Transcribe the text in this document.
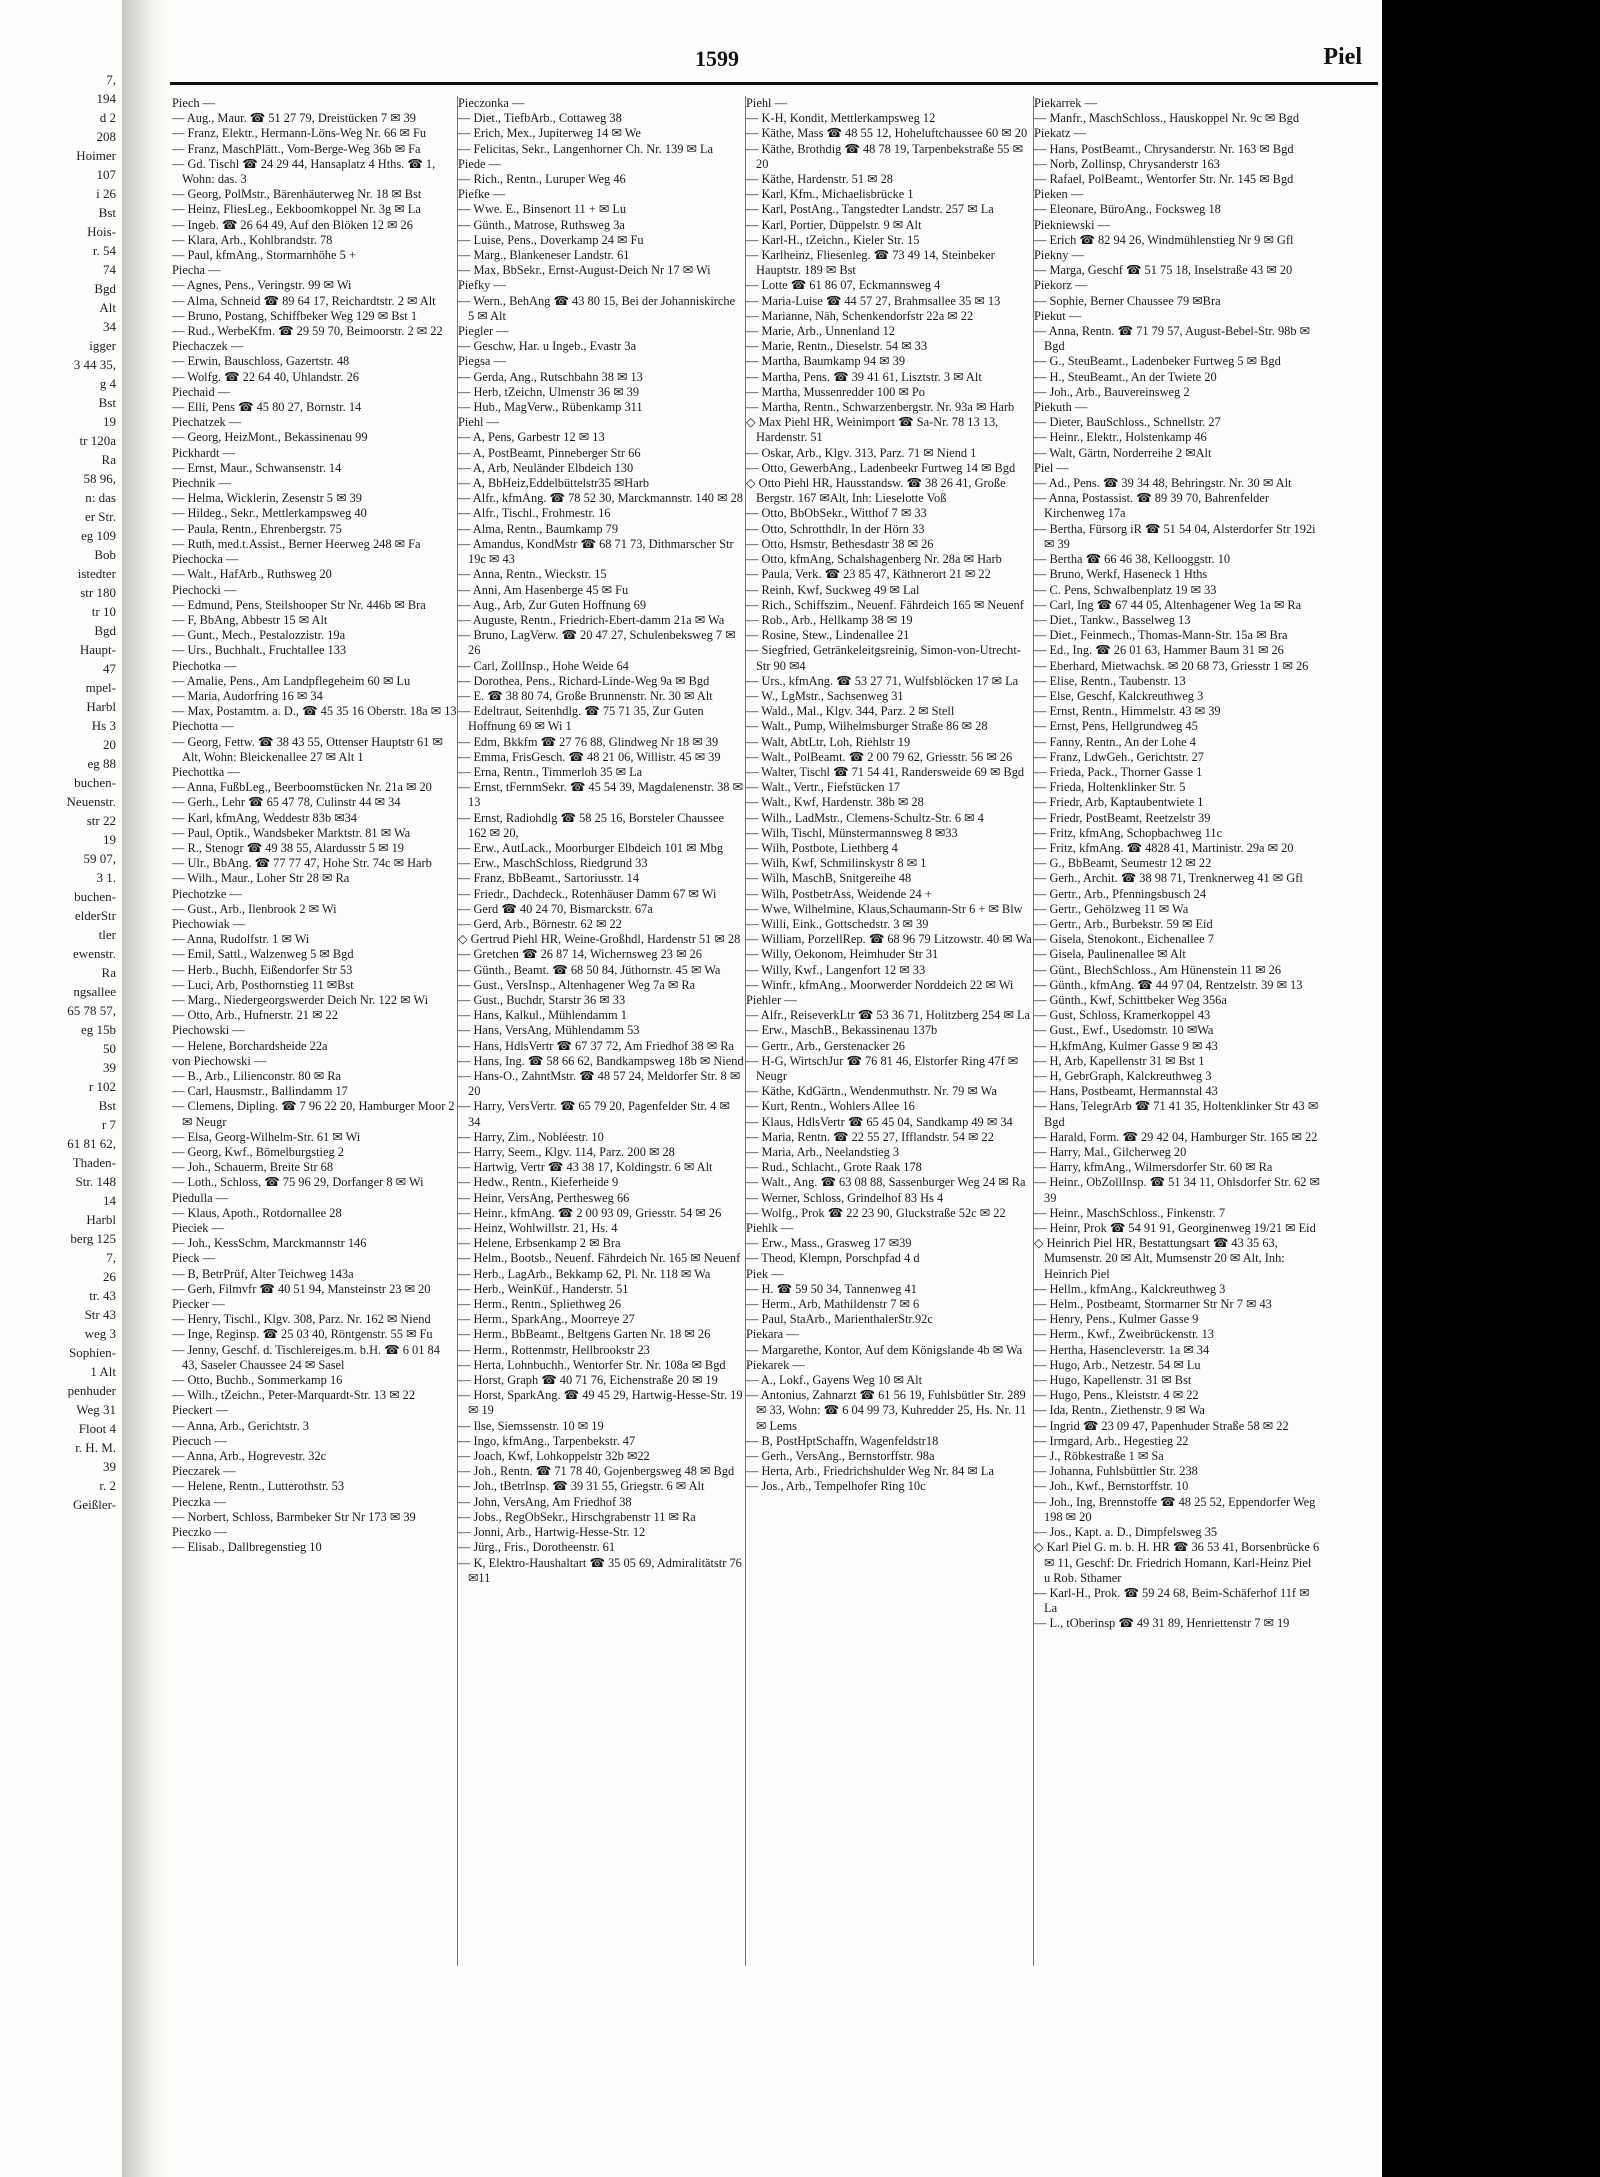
7,
194
d 2
208
Hoimer
107
i 26
Bst
Hois-
r. 54
74
Bgd
Alt
34
igger
3 44 35,
g 4
Bst
19
tr 120a
Ra
58 96,
n: das
er Str.
eg 109
Bob
istedter
str 180
tr 10
Bgd
Haupt-
47
mpel-
Harbl
Hs 3
20
eg 88
buchen-
Neuenstr.
str 22
19
59 07,
3 1.
buchen-
elderStr
tler
ewenstr.
Ra
ngsallee
65 78 57,
eg 15b
50
39
r 102
Bst
r 7
61 81 62,
Thaden-
Str. 148
14
Harbl
berg 125
7,
26
tr. 43
Str 43
weg 3
Sophien-
1 Alt
penhuder
Weg 31
Floot 4
r. H. M.
39
r. 2
Geißler-
1599	Piel

Piech —

— Aug., Maur. ☎ 51 27 79, Dreistücken 7 ✉ 39

— Franz, Elektr., Hermann-Löns-Weg Nr. 66 ✉ Fu

— Franz, MaschPlätt., Vom-Berge-Weg 36b ✉ Fa

— Gd. Tischl ☎ 24 29 44, Hansaplatz 4 Hths. ☎ 1, Wohn: das. 3

— Georg, PolMstr., Bärenhäuterweg Nr. 18 ✉ Bst

— Heinz, FliesLeg., Eekboomkoppel Nr. 3g ✉ La

— Ingeb. ☎ 26 64 49, Auf den Blöken 12 ✉ 26

— Klara, Arb., Kohlbrandstr. 78

— Paul, kfmAng., Stormarnhöhe 5 +

Piecha —

— Agnes, Pens., Veringstr. 99 ✉ Wi

— Alma, Schneid ☎ 89 64 17, Reichardtstr. 2 ✉ Alt

— Bruno, Postang, Schiffbeker Weg 129 ✉ Bst 1

— Rud., WerbeKfm. ☎ 29 59 70, Beimoorstr. 2 ✉ 22

Piechaczek —

— Erwin, Bauschloss, Gazertstr. 48

— Wolfg. ☎ 22 64 40, Uhlandstr. 26

Piechaid —

— Elli, Pens ☎ 45 80 27, Bornstr. 14

Piechatzek —

— Georg, HeizMont., Bekassinenau 99

Pickhardt —

— Ernst, Maur., Schwansenstr. 14

Piechnik —

— Helma, Wicklerin, Zesenstr 5 ✉ 39

— Hildeg., Sekr., Mettlerkampsweg 40

— Paula, Rentn., Ehrenbergstr. 75

— Ruth, med.t.Assist., Berner Heerweg 248 ✉ Fa

Piechocka —

— Walt., HafArb., Ruthsweg 20

Piechocki —

— Edmund, Pens, Steilshooper Str Nr. 446b ✉ Bra

— F, BbAng, Abbestr 15 ✉ Alt

— Gunt., Mech., Pestalozzistr. 19a

— Urs., Buchhalt., Fruchtallee 133

Piechotka —

— Amalie, Pens., Am Landpflegeheim 60 ✉ Lu

— Maria, Audorfring 16 ✉ 34

— Max, Postamtm. a. D., ☎ 45 35 16 Oberstr. 18a ✉ 13

Piechotta —

— Georg, Fettw. ☎ 38 43 55, Ottenser Hauptstr 61 ✉ Alt, Wohn: Bleickenallee 27 ✉ Alt 1

Piechottka —

— Anna, FußbLeg., Beerboomstücken Nr. 21a ✉ 20

— Gerh., Lehr ☎ 65 47 78, Culinstr 44 ✉ 34

— Karl, kfmAng, Weddestr 83b ✉34

— Paul, Optik., Wandsbeker Marktstr. 81 ✉ Wa

— R., Stenogr ☎ 49 38 55, Alardusstr 5 ✉ 19

— Ulr., BbAng. ☎ 77 77 47, Hohe Str. 74c ✉ Harb

— Wilh., Maur., Loher Str 28 ✉ Ra

Piechotzke —

— Gust., Arb., Ilenbrook 2 ✉ Wi

Piechowiak —

— Anna, Rudolfstr. 1 ✉ Wi

— Emil, Sattl., Walzenweg 5 ✉ Bgd

— Herb., Buchh, Eißendorfer Str 53

— Luci, Arb, Posthornstieg 11 ✉Bst

— Marg., Niedergeorgswerder Deich Nr. 122 ✉ Wi

— Otto, Arb., Hufnerstr. 21 ✉ 22

Piechowski —

— Helene, Borchardsheide 22a

von Piechowski —

— B., Arb., Lilienconstr. 80 ✉ Ra

— Carl, Hausmstr., Ballindamm 17

— Clemens, Dipling. ☎ 7 96 22 20, Hamburger Moor 2 ✉ Neugr

— Elsa, Georg-Wilhelm-Str. 61 ✉ Wi

— Georg, Kwf., Bömelburgstieg 2

— Joh., Schauerm, Breite Str 68

— Loth., Schloss, ☎ 75 96 29, Dorfanger 8 ✉ Wi

Piedulla —

— Klaus, Apoth., Rotdornallee 28

Pieciek —

— Joh., KessSchm, Marckmannstr 146

Pieck —

— B, BetrPrüf, Alter Teichweg 143a

— Gerh, Filmvfr ☎ 40 51 94, Mansteinstr 23 ✉ 20

Piecker —

— Henry, Tischl., Klgv. 308, Parz. Nr. 162 ✉ Niend

— Inge, Reginsp. ☎ 25 03 40, Röntgenstr. 55 ✉ Fu

— Jenny, Geschf. d. Tischlereiges.m. b.H. ☎ 6 01 84 43, Saseler Chaussee 24 ✉ Sasel

— Otto, Buchb., Sommerkamp 16

— Wilh., tZeichn., Peter-Marquardt-Str. 13 ✉ 22

Pieckert —

— Anna, Arb., Gerichtstr. 3

Piecuch —

— Anna, Arb., Hogrevestr. 32c

Pieczarek —

— Helene, Rentn., Lutterothstr. 53

Pieczka —

— Norbert, Schloss, Barmbeker Str Nr 173 ✉ 39

Pieczko —

— Elisab., Dallbregenstieg 10

Pieczonka —

— Diet., TiefbArb., Cottaweg 38

— Erich, Mex., Jupiterweg 14 ✉ We

— Felicitas, Sekr., Langenhorner Ch. Nr. 139 ✉ La

Piede —

— Rich., Rentn., Luruper Weg 46

Piefke —

— Wwe. E., Binsenort 11 + ✉ Lu

— Günth., Matrose, Ruthsweg 3a

— Luise, Pens., Doverkamp 24 ✉ Fu

— Marg., Blankeneser Landstr. 61

— Max, BbSekr., Ernst-August-Deich Nr 17 ✉ Wi

Piefky —

— Wern., BehAng ☎ 43 80 15, Bei der Johanniskirche 5 ✉ Alt

Piegler —

— Geschw, Har. u Ingeb., Evastr 3a

Piegsa —

— Gerda, Ang., Rutschbahn 38 ✉ 13

— Herb, tZeichn, Ulmenstr 36 ✉ 39

— Hub., MagVerw., Rübenkamp 311

Piehl —

— A, Pens, Garbestr 12 ✉ 13

— A, PostBeamt, Pinneberger Str 66

— A, Arb, Neuländer Elbdeich 130

— A, BbHeiz,Eddelbüttelstr35 ✉Harb

— Alfr., kfmAng. ☎ 78 52 30, Marckmannstr. 140 ✉ 28

— Alfr., Tischl., Frohmestr. 16

— Alma, Rentn., Baumkamp 79

— Amandus, KondMstr ☎ 68 71 73, Dithmarscher Str 19c ✉ 43

— Anna, Rentn., Wieckstr. 15

— Anni, Am Hasenberge 45 ✉ Fu

— Aug., Arb, Zur Guten Hoffnung 69

— Auguste, Rentn., Friedrich-Ebert-damm 21a ✉ Wa

— Bruno, LagVerw. ☎ 20 47 27, Schulenbeksweg 7 ✉ 26

— Carl, ZollInsp., Hohe Weide 64

— Dorothea, Pens., Richard-Linde-Weg 9a ✉ Bgd

— E. ☎ 38 80 74, Große Brunnenstr. Nr. 30 ✉ Alt

— Edeltraut, Seitenhdlg. ☎ 75 71 35, Zur Guten Hoffnung 69 ✉ Wi 1

— Edm, Bkkfm ☎ 27 76 88, Glindweg Nr 18 ✉ 39

— Emma, FrisGesch. ☎ 48 21 06, Willistr. 45 ✉ 39

— Erna, Rentn., Timmerloh 35 ✉ La

— Ernst, tFernmSekr. ☎ 45 54 39, Magdalenenstr. 38 ✉ 13

— Ernst, Radiohdlg ☎ 58 25 16, Borsteler Chaussee 162 ✉ 20,

— Erw., AutLack., Moorburger Elbdeich 101 ✉ Mbg

— Erw., MaschSchloss, Riedgrund 33

— Franz, BbBeamt., Sartoriusstr. 14

— Friedr., Dachdeck., Rotenhäuser Damm 67 ✉ Wi

— Gerd ☎ 40 24 70, Bismarckstr. 67a

— Gerd, Arb., Börnestr. 62 ✉ 22

◇ Gertrud Piehl HR, Weine-Großhdl, Hardenstr 51 ✉ 28

— Gretchen ☎ 26 87 14, Wichernsweg 23 ✉ 26

— Günth., Beamt. ☎ 68 50 84, Jüthornstr. 45 ✉ Wa

— Gust., VersInsp., Altenhagener Weg 7a ✉ Ra

— Gust., Buchdr, Starstr 36 ✉ 33

— Hans, Kalkul., Mühlendamm 1

— Hans, VersAng, Mühlendamm 53

— Hans, HdlsVertr ☎ 67 37 72, Am Friedhof 38 ✉ Ra

— Hans, Ing. ☎ 58 66 62, Bandkampsweg 18b ✉ Niend

— Hans-O., ZahntMstr. ☎ 48 57 24, Meldorfer Str. 8 ✉ 20

— Harry, VersVertr. ☎ 65 79 20, Pagenfelder Str. 4 ✉ 34

— Harry, Zim., Nobléestr. 10

— Harry, Seem., Klgv. 114, Parz. 200 ✉ 28

— Hartwig, Vertr ☎ 43 38 17, Koldingstr. 6 ✉ Alt

— Hedw., Rentn., Kieferheide 9

— Heinr, VersAng, Perthesweg 66

— Heinr., kfmAng. ☎ 2 00 93 09, Griesstr. 54 ✉ 26

— Heinz, Wohlwillstr. 21, Hs. 4

— Helene, Erbsenkamp 2 ✉ Bra

— Helm., Bootsb., Neuenf. Fährdeich Nr. 165 ✉ Neuenf

— Herb., LagArb., Bekkamp 62, Pl. Nr. 118 ✉ Wa

— Herb., WeinKüf., Handerstr. 51

— Herm., Rentn., Spliethweg 26

— Herm., SparkAng., Moorreye 27

— Herm., BbBeamt., Beltgens Garten Nr. 18 ✉ 26

— Herm., Rottenmstr, Hellbrookstr 23

— Herta, Lohnbuchh., Wentorfer Str. Nr. 108a ✉ Bgd

— Horst, Graph ☎ 40 71 76, Eichenstraße 20 ✉ 19

— Horst, SparkAng. ☎ 49 45 29, Hartwig-Hesse-Str. 19 ✉ 19

— Ilse, Siemssenstr. 10 ✉ 19

— Ingo, kfmAng., Tarpenbekstr. 47

— Joach, Kwf, Lohkoppelstr 32b ✉22

— Joh., Rentn. ☎ 71 78 40, Gojenbergsweg 48 ✉ Bgd

— Joh., tBetrInsp. ☎ 39 31 55, Griegstr. 6 ✉ Alt

— John, VersAng, Am Friedhof 38

— Jobs., RegObSekr., Hirschgrabenstr 11 ✉ Ra

— Jonni, Arb., Hartwig-Hesse-Str. 12

— Jürg., Fris., Dorotheenstr. 61

— K, Elektro-Haushaltart ☎ 35 05 69, Admiralitätstr 76 ✉11

Piehl —

— K-H, Kondit, Mettlerkampsweg 12

— Käthe, Mass ☎ 48 55 12, Hoheluftchaussee 60 ✉ 20

— Käthe, Brothdig ☎ 48 78 19, Tarpenbekstraße 55 ✉ 20

— Käthe, Hardenstr. 51 ✉ 28

— Karl, Kfm., Michaelisbrücke 1

— Karl, PostAng., Tangstedter Landstr. 257 ✉ La

— Karl, Portier, Düppelstr. 9 ✉ Alt

— Karl-H., tZeichn., Kieler Str. 15

— Karlheinz, Fliesenleg. ☎ 73 49 14, Steinbeker Hauptstr. 189 ✉ Bst

— Lotte ☎ 61 86 07, Eckmannsweg 4

— Maria-Luise ☎ 44 57 27, Brahmsallee 35 ✉ 13

— Marianne, Näh, Schenkendorfstr 22a ✉ 22

— Marie, Arb., Unnenland 12

— Marie, Rentn., Dieselstr. 54 ✉ 33

— Martha, Baumkamp 94 ✉ 39

— Martha, Pens. ☎ 39 41 61, Lisztstr. 3 ✉ Alt

— Martha, Mussenredder 100 ✉ Po

— Martha, Rentn., Schwarzenbergstr. Nr. 93a ✉ Harb

◇ Max Piehl HR, Weinimport ☎ Sa-Nr. 78 13 13, Hardenstr. 51

— Oskar, Arb., Klgv. 313, Parz. 71 ✉ Niend 1

— Otto, GewerbAng., Ladenbeekr Furtweg 14 ✉ Bgd

◇ Otto Piehl HR, Hausstandsw. ☎ 38 26 41, Große Bergstr. 167 ✉Alt, Inh: Lieselotte Voß

— Otto, BbObSekr., Witthof 7 ✉ 33

— Otto, Schrotthdlr, In der Hörn 33

— Otto, Hsmstr, Bethesdastr 38 ✉ 26

— Otto, kfmAng, Schalshagenberg Nr. 28a ✉ Harb

— Paula, Verk. ☎ 23 85 47, Käthnerort 21 ✉ 22

— Reinh, Kwf, Suckweg 49 ✉ Lal

— Rich., Schiffszim., Neuenf. Fährdeich 165 ✉ Neuenf

— Rob., Arb., Hellkamp 38 ✉ 19

— Rosine, Stew., Lindenallee 21

— Siegfried, Getränkeleitgsreinig, Simon-von-Utrecht-Str 90 ✉4

— Urs., kfmAng. ☎ 53 27 71, Wulfsblöcken 17 ✉ La

— W., LgMstr., Sachsenweg 31

— Wald., Mal., Klgv. 344, Parz. 2 ✉ Stell

— Walt., Pump, Wilhelmsburger Straße 86 ✉ 28

— Walt, AbtLtr, Loh, Riehlstr 19

— Walt., PolBeamt. ☎ 2 00 79 62, Griesstr. 56 ✉ 26

— Walter, Tischl ☎ 71 54 41, Randersweide 69 ✉ Bgd

— Walt., Vertr., Fiefstücken 17

— Walt., Kwf, Hardenstr. 38b ✉ 28

— Wilh., LadMstr., Clemens-Schultz-Str. 6 ✉ 4

— Wilh, Tischl, Münstermannsweg 8 ✉33

— Wilh, Postbote, Liethberg 4

— Wilh, Kwf, Schmilinskystr 8 ✉ 1

— Wilh, MaschB, Snitgereihe 48

— Wilh, PostbetrAss, Weidende 24 +

— Wwe, Wilhelmine, Klaus,Schaumann-Str 6 + ✉ Blw

— Willi, Eink., Gottschedstr. 3 ✉ 39

— William, PorzellRep. ☎ 68 96 79 Litzowstr. 40 ✉ Wa

— Willy, Oekonom, Heimhuder Str 31

— Willy, Kwf., Langenfort 12 ✉ 33

— Winfr., kfmAng., Moorwerder Norddeich 22 ✉ Wi

Piehler —

— Alfr., ReiseverkLtr ☎ 53 36 71, Holitzberg 254 ✉ La

— Erw., MaschB., Bekassinenau 137b

— Gertr., Arb., Gerstenacker 26

— H-G, WirtschJur ☎ 76 81 46, Elstorfer Ring 47f ✉ Neugr

— Käthe, KdGärtn., Wendenmuthstr. Nr. 79 ✉ Wa

— Kurt, Rentn., Wohlers Allee 16

— Klaus, HdlsVertr ☎ 65 45 04, Sandkamp 49 ✉ 34

— Maria, Rentn. ☎ 22 55 27, Ifflandstr. 54 ✉ 22

— Maria, Arb., Neelandstieg 3

— Rud., Schlacht., Grote Raak 178

— Walt., Ang. ☎ 63 08 88, Sassenburger Weg 24 ✉ Ra

— Werner, Schloss, Grindelhof 83 Hs 4

— Wolfg., Prok ☎ 22 23 90, Gluckstraße 52c ✉ 22

Piehlk —

— Erw., Mass., Grasweg 17 ✉39

— Theod, Klempn, Porschpfad 4 d

Piek —

— H. ☎ 59 50 34, Tannenweg 41

— Herm., Arb, Mathildenstr 7 ✉ 6

— Paul, StaArb., MarienthalerStr.92c

Piekara —

— Margarethe, Kontor, Auf dem Königslande 4b ✉ Wa

Piekarek —

— A., Lokf., Gayens Weg 10 ✉ Alt

— Antonius, Zahnarzt ☎ 61 56 19, Fuhlsbütler Str. 289 ✉ 33, Wohn: ☎ 6 04 99 73, Kuhredder 25, Hs. Nr. 11 ✉ Lems

— B, PostHptSchaffn, Wagenfeldstr18

— Gerh., VersAng., Bernstorffstr. 98a

— Herta, Arb., Friedrichshulder Weg Nr. 84 ✉ La

— Jos., Arb., Tempelhofer Ring 10c

Piekarrek —

— Manfr., MaschSchloss., Hauskoppel Nr. 9c ✉ Bgd

Piekatz —

— Hans, PostBeamt., Chrysanderstr. Nr. 163 ✉ Bgd

— Norb, Zollinsp, Chrysanderstr 163

— Rafael, PolBeamt., Wentorfer Str. Nr. 145 ✉ Bgd

Pieken —

— Eleonare, BüroAng., Focksweg 18

Piekniewski —

— Erich ☎ 82 94 26, Windmühlenstieg Nr 9 ✉ Gfl

Piekny —

— Marga, Geschf ☎ 51 75 18, Inselstraße 43 ✉ 20

Piekorz —

— Sophie, Berner Chaussee 79 ✉Bra

Piekut —

— Anna, Rentn. ☎ 71 79 57, August-Bebel-Str. 98b ✉ Bgd

— G., SteuBeamt., Ladenbeker Furtweg 5 ✉ Bgd

— H., SteuBeamt., An der Twiete 20

— Joh., Arb., Bauvereinsweg 2

Piekuth —

— Dieter, BauSchloss., Schnellstr. 27

— Heinr., Elektr., Holstenkamp 46

— Walt, Gärtn, Norderreihe 2 ✉Alt

Piel —

— Ad., Pens. ☎ 39 34 48, Behringstr. Nr. 30 ✉ Alt

— Anna, Postassist. ☎ 89 39 70, Bahrenfelder Kirchenweg 17a

— Bertha, Fürsorg iR ☎ 51 54 04, Alsterdorfer Str 192i ✉ 39

— Bertha ☎ 66 46 38, Kellooggstr. 10

— Bruno, Werkf, Haseneck 1 Hths

— C. Pens, Schwalbenplatz 19 ✉ 33

— Carl, Ing ☎ 67 44 05, Altenhagener Weg 1a ✉ Ra

— Diet., Tankw., Basselweg 13

— Diet., Feinmech., Thomas-Mann-Str. 15a ✉ Bra

— Ed., Ing. ☎ 26 01 63, Hammer Baum 31 ✉ 26

— Eberhard, Mietwachsk. ✉ 20 68 73, Griesstr 1 ✉ 26

— Elise, Rentn., Taubenstr. 13

— Else, Geschf, Kalckreuthweg 3

— Ernst, Rentn., Himmelstr. 43 ✉ 39

— Ernst, Pens, Hellgrundweg 45

— Fanny, Rentn., An der Lohe 4

— Franz, LdwGeh., Gerichtstr. 27

— Frieda, Pack., Thorner Gasse 1

— Frieda, Holtenklinker Str. 5

— Friedr, Arb, Kaptaubentwiete 1

— Friedr, PostBeamt, Reetzelstr 39

— Fritz, kfmAng, Schopbachweg 11c

— Fritz, kfmAng. ☎ 4828 41, Martinistr. 29a ✉ 20

— G., BbBeamt, Seumestr 12 ✉ 22

— Gerh., Archit. ☎ 38 98 71, Trenknerweg 41 ✉ Gfl

— Gertr., Arb., Pfenningsbusch 24

— Gertr., Gehölzweg 11 ✉ Wa

— Gertr., Arb., Burbekstr. 59 ✉ Eid

— Gisela, Stenokont., Eichenallee 7

— Gisela, Paulinenallee ✉ Alt

— Günt., BlechSchloss., Am Hünenstein 11 ✉ 26

— Günth., kfmAng. ☎ 44 97 04, Rentzelstr. 39 ✉ 13

— Günth., Kwf, Schittbeker Weg 356a

— Gust, Schloss, Kramerkoppel 43

— Gust., Ewf., Usedomstr. 10 ✉Wa

— H,kfmAng, Kulmer Gasse 9 ✉ 43

— H, Arb, Kapellenstr 31 ✉ Bst 1

— H, GebrGraph, Kalckreuthweg 3

— Hans, Postbeamt, Hermannstal 43

— Hans, TelegrArb ☎ 71 41 35, Holtenklinker Str 43 ✉ Bgd

— Harald, Form. ☎ 29 42 04, Hamburger Str. 165 ✉ 22

— Harry, Mal., Gilcherweg 20

— Harry, kfmAng., Wilmersdorfer Str. 60 ✉ Ra

— Heinr., ObZollInsp. ☎ 51 34 11, Ohlsdorfer Str. 62 ✉ 39

— Heinr., MaschSchloss., Finkenstr. 7

— Heinr, Prok ☎ 54 91 91, Georginenweg 19/21 ✉ Eid

◇ Heinrich Piel HR, Bestattungsart ☎ 43 35 63, Mumsenstr. 20 ✉ Alt, Mumsenstr 20 ✉ Alt, Inh: Heinrich Piel

— Hellm., kfmAng., Kalckreuthweg 3

— Helm., Postbeamt, Stormarner Str Nr 7 ✉ 43

— Henry, Pens., Kulmer Gasse 9

— Herm., Kwf., Zweibrückenstr. 13

— Hertha, Hasencleverstr. 1a ✉ 34

— Hugo, Arb., Netzestr. 54 ✉ Lu

— Hugo, Kapellenstr. 31 ✉ Bst

— Hugo, Pens., Kleiststr. 4 ✉ 22

— Ida, Rentn., Ziethenstr. 9 ✉ Wa

— Ingrid ☎ 23 09 47, Papenhuder Straße 58 ✉ 22

— Irmgard, Arb., Hegestieg 22

— J., Röbkestraße 1 ✉ Sa

— Johanna, Fuhlsbüttler Str. 238

— Joh., Kwf., Bernstorffstr. 10

— Joh., Ing, Brennstoffe ☎ 48 25 52, Eppendorfer Weg 198 ✉ 20

— Jos., Kapt. a. D., Dimpfelsweg 35

◇ Karl Piel G. m. b. H. HR ☎ 36 53 41, Borsenbrücke 6 ✉ 11, Geschf: Dr. Friedrich Homann, Karl-Heinz Piel u Rob. Sthamer

— Karl-H., Prok. ☎ 59 24 68, Beim-Schäferhof 11f ✉ La

— L., tOberinsp ☎ 49 31 89, Henriettenstr 7 ✉ 19
